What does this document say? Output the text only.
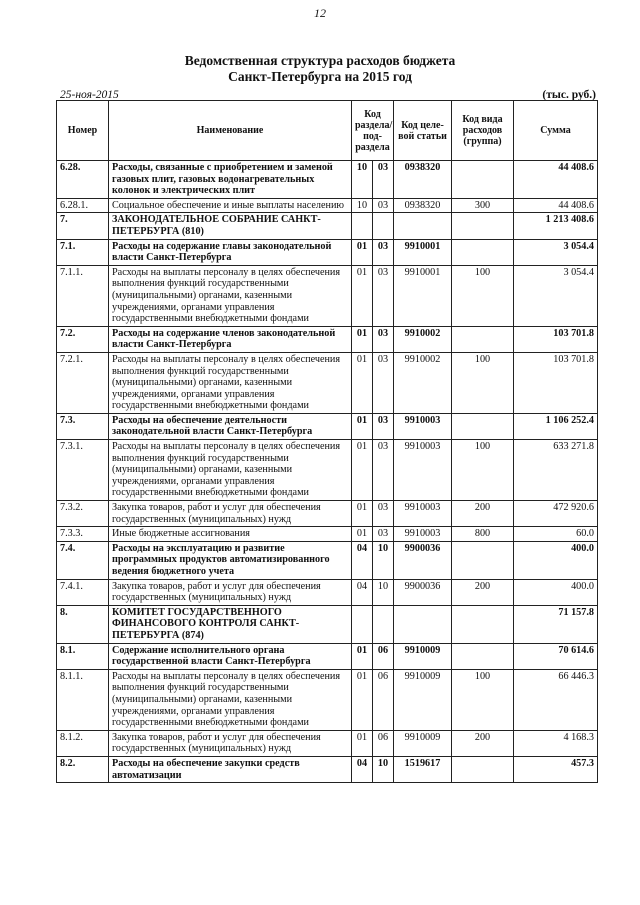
12
Ведомственная структура расходов бюджета
Санкт-Петербурга на 2015 год
25-ноя-2015	(тыс. руб.)
Номер	Наименование	Код раздела/ под- раздела		Код целе- вой статьи	Код вида расходов (группа)	Сумма
6.28.	Расходы, связанные с приобретением и заменой газовых плит, газовых водонагревательных колонок и электрических плит	10	03	0938320		44 408.6
6.28.1.	Социальное обеспечение и иные выплаты населению	10	03	0938320	300	44 408.6
7.	ЗАКОНОДАТЕЛЬНОЕ СОБРАНИЕ САНКТ-ПЕТЕРБУРГА (810)					1 213 408.6
7.1.	Расходы на содержание главы законодательной власти Санкт-Петербурга	01	03	9910001		3 054.4
7.1.1.	Расходы на выплаты персоналу в целях обеспечения выполнения функций государственными (муниципальными) органами, казенными учреждениями, органами управления государственными внебюджетными фондами	01	03	9910001	100	3 054.4
7.2.	Расходы на содержание членов законодательной власти Санкт-Петербурга	01	03	9910002		103 701.8
7.2.1.	Расходы на выплаты персоналу в целях обеспечения выполнения функций государственными (муниципальными) органами, казенными учреждениями, органами управления государственными внебюджетными фондами	01	03	9910002	100	103 701.8
7.3.	Расходы на обеспечение деятельности законодательной власти Санкт-Петербурга	01	03	9910003		1 106 252.4
7.3.1.	Расходы на выплаты персоналу в целях обеспечения выполнения функций государственными (муниципальными) органами, казенными учреждениями, органами управления государственными внебюджетными фондами	01	03	9910003	100	633 271.8
7.3.2.	Закупка товаров, работ и услуг для обеспечения государственных (муниципальных) нужд	01	03	9910003	200	472 920.6
7.3.3.	Иные бюджетные ассигнования	01	03	9910003	800	60.0
7.4.	Расходы на эксплуатацию и развитие программных продуктов автоматизированного ведения бюджетного учета	04	10	9900036		400.0
7.4.1.	Закупка товаров, работ и услуг для обеспечения государственных (муниципальных) нужд	04	10	9900036	200	400.0
8.	КОМИТЕТ ГОСУДАРСТВЕННОГО ФИНАНСОВОГО КОНТРОЛЯ САНКТ-ПЕТЕРБУРГА (874)					71 157.8
8.1.	Содержание исполнительного органа государственной власти Санкт-Петербурга	01	06	9910009		70 614.6
8.1.1.	Расходы на выплаты персоналу в целях обеспечения выполнения функций государственными (муниципальными) органами, казенными учреждениями, органами управления государственными внебюджетными фондами	01	06	9910009	100	66 446.3
8.1.2.	Закупка товаров, работ и услуг для обеспечения государственных (муниципальных) нужд	01	06	9910009	200	4 168.3
8.2.	Расходы на обеспечение закупки средств автоматизации	04	10	1519617		457.3
